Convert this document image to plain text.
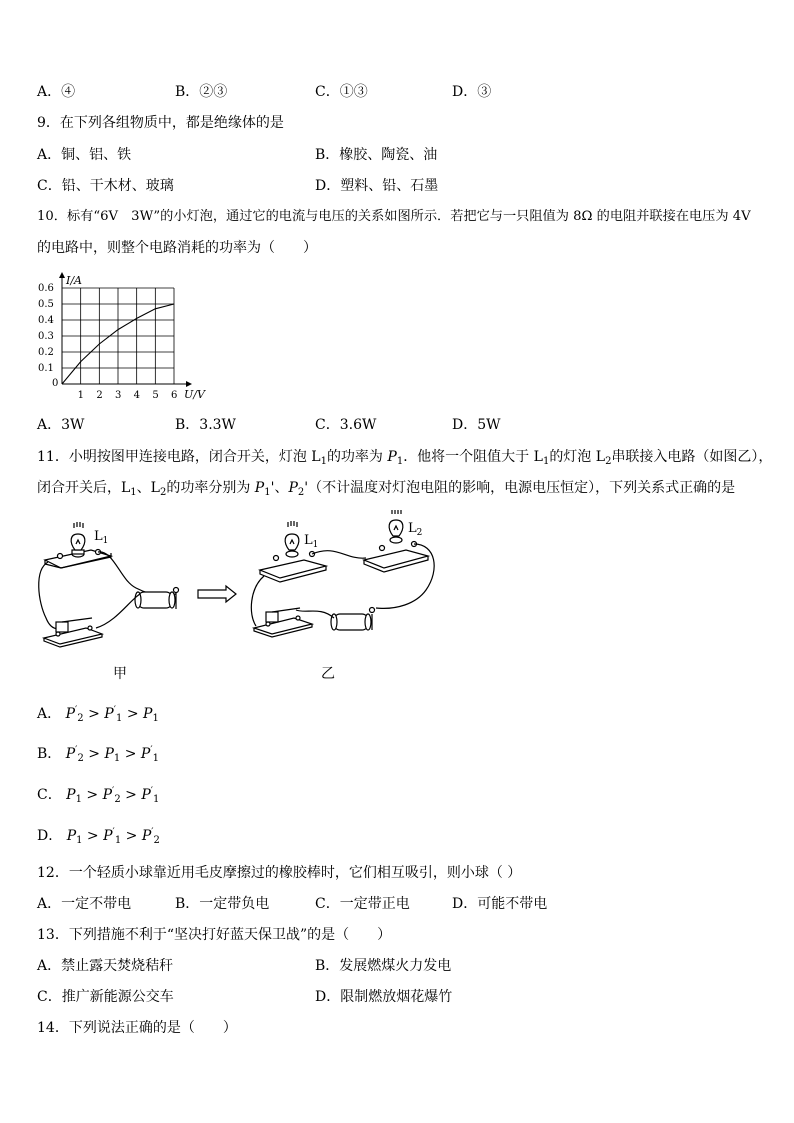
A．④	B．②③	C．①③	D．③
9．在下列各组物质中，都是绝缘体的是
A．铜、铝、铁	B．橡胶、陶瓷、油
C．铅、干木材、玻璃	D．塑料、铅、石墨
10．标有“6V　3W”的小灯泡，通过它的电流与电压的关系如图所示．若把它与一只阻值为 8Ω 的电阻并联接在电压为 4V
的电路中，则整个电路消耗的功率为（　　）
1 2 3 4 5 6
0.1
0.2
0.3
0.4
0.5
0.6
0
U/V
I/A
A．3W	B．3.3W	C．3.6W	D．5W
11．小明按图甲连接电路，闭合开关，灯泡 $L_1$的功率为 $P_1$．他将一个阻值大于 $L_1$的灯泡 $L_2$串联接入电路（如图乙），
闭合开关后，$L_1$、$L_2$的功率分别为 $P_1'$、$P_2'$（不计温度对灯泡电阻的影响，电源电压恒定），下列关系式正确的是
$L_1$	$L_1$
$L_2$
甲	乙
A． $P'_2 > P'_1 > P_1$
B． $P'_2 > P_1 > P'_1$
C． $P_1 > P'_2 > P'_1$
D． $P_1 > P'_1 > P'_2$
12．一个轻质小球靠近用毛皮摩擦过的橡胶棒时，它们相互吸引，则小球（ ）
A．一定不带电	B．一定带负电	C．一定带正电	D．可能不带电
13．下列措施不利于“坚决打好蓝天保卫战”的是（　　）
A．禁止露天焚烧秸秆	B．发展燃煤火力发电
C．推广新能源公交车	D．限制燃放烟花爆竹
14．下列说法正确的是（　　）
